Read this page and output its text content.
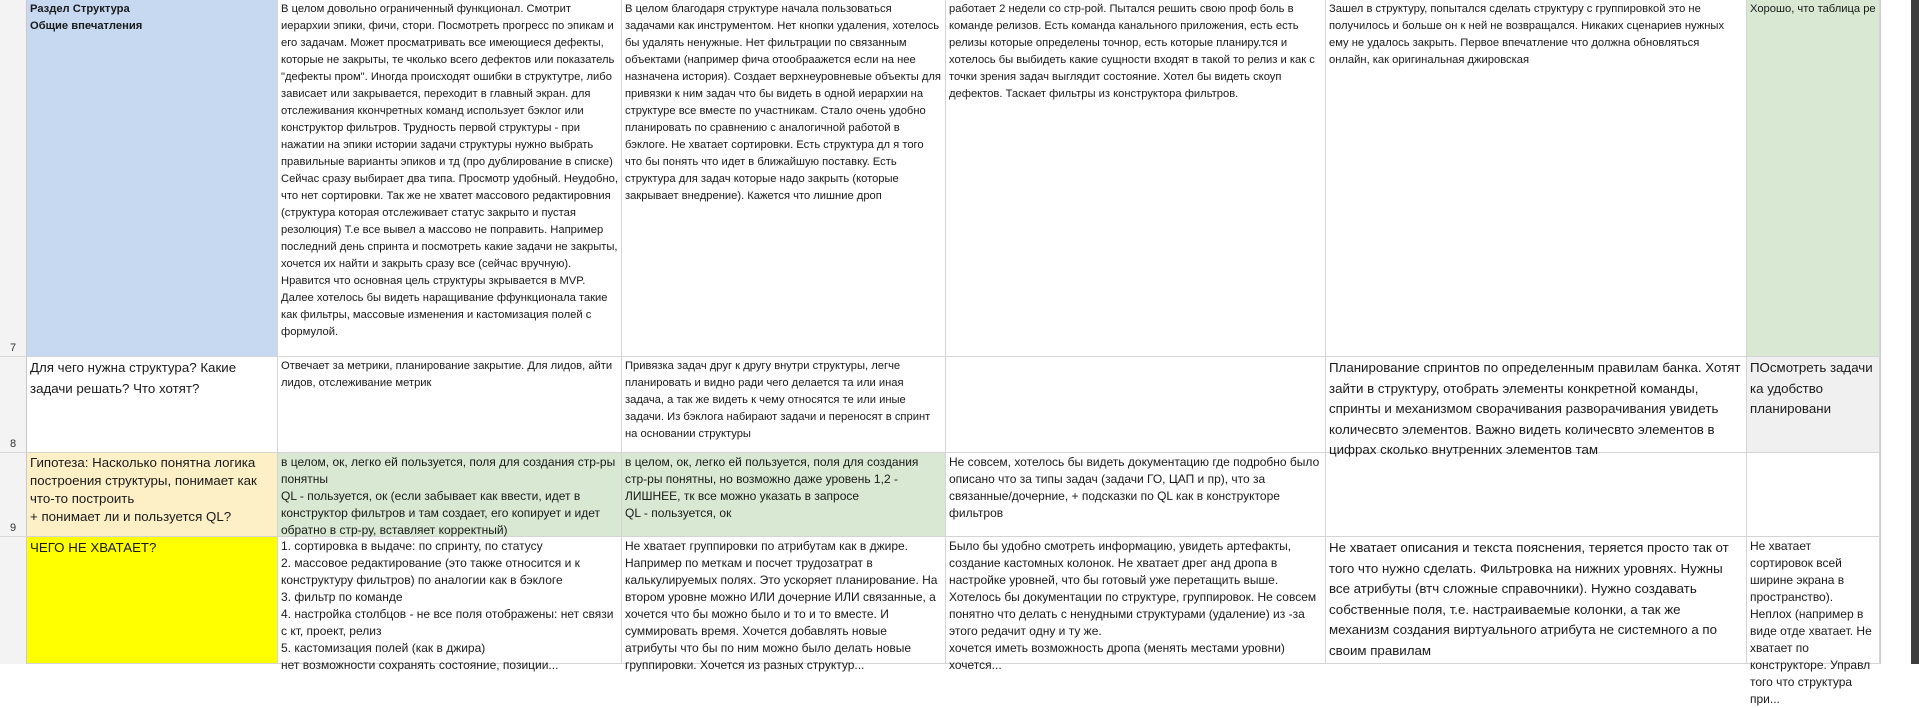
7

Раздел Структура
Общие впечатления

В целом довольно ограниченный функционал. Смотрит иерархии эпики, фичи, стори. Посмотреть прогресс по эпикам и его задачам. Может просматривать все имеющиеся дефекты, которые не закрыты, те чколько всего дефектов или показатель "дефекты пром". Иногда происходят ошибки в структутре, либо зависает или закрывается, переходит в главный экран. для отслеживания ккончретных команд использует бэклог или конструктор фильтров. Трудность первой структуры - при нажатии на эпики истории задачи структуры нужно выбрать правильные варианты эпиков и тд (про дублирование в списке) Сейчас сразу выбирает два типа. Просмотр удобный. Неудобно, что нет сортировки. Так же не хватет массового редактировния (структура которая отслеживает статус закрыто и пустая резолюция) Т.е все вывел а массово не поправить. Например последний день спринта и посмотреть какие задачи не закрыты, хочется их найти и закрыть сразу все (сейчас вручную). Нравится что основная цель структуры зкрывается в MVP. Далее хотелось бы видеть наращивание ффункционала такие как фильтры, массовые изменения и кастомизация полей с формулой.

В целом благодаря структуре начала пользоваться задачами как инструментом. Нет кнопки удаления, хотелось бы удалять ненужные. Нет фильтрации по связанным объектами (например фича отообраажется если на нее назначена история). Создает верхнеуровневые объекты для привязки к ним задач что бы видеть в одной иерархии на структуре все вместе по участникам. Стало очень удобно планировать по сравнению с аналогичной работой в бэклоге. Не хватает сортировки. Есть структура дл я того что бы понять что идет в ближайшую поставку. Есть структура для задач которые надо закрыть (которые закрывает внедрение). Кажется что лишние дроп

работает 2 недели со стр-рой. Пытался решить свою проф боль в команде релизов. Есть команда канального приложения, есть есть релизы которые определены точнор, есть которые планиру.тся и хотелось бы выбидеть какие сущности входят в такой то релиз и как с точки зрения задач выглядит состояние. Хотел бы видеть скоуп дефектов. Таскает фильтры из конструктора фильтров.

Зашел в структуру, попытался сделать структуру с группировкой это не получилось и больше он к ней не возвращался. Никаких сценариев нужных ему не удалось закрыть. Первое впечатление что должна обновляться онлайн, как оригинальная джировская

Хорошо, что таблица ре

8

Для чего нужна структура? Какие задачи решать? Что хотят?

Отвечает за метрики, планирование закрытие. Для лидов, айти лидов, отслеживание метрик

Привязка задач друг к другу внутри структуры, легче планировать и видно ради чего делается та или иная задача, а так же видеть к чему относятся те или иные задачи. Из бэклога набирают задачи и переносят в спринт на основании структуры

Планирование спринтов по определенным правилам банка. Хотят зайти в структуру, отобрать элементы конкретной команды, спринты и механизмом сворачивания разворачивания увидеть количесвто элементов. Важно видеть количесвто элементов в цифрах сколько внутренних элементов там

ПОсмотреть задачи ка удобство планировани

9

Гипотеза: Насколько понятна логика построения структуры, понимает как что-то построить
+ понимает ли и пользуется QL?

в целом, ок, легко ей пользуется, поля для создания стр-ры понятны
QL - пользуется, ок (если забывает как ввести, идет в конструктор фильтров и там создает, его копирует и идет обратно в стр-ру, вставляет корректный)

в целом, ок, легко ей пользуется, поля для создания стр-ры понятны, но возможно даже уровень 1,2 - ЛИШНЕЕ, тк все можно указать в запросе
QL - пользуется, ок

Не совсем, хотелось бы видеть документацию где подробно было описано что за типы задач (задачи ГО, ЦАП и пр), что за связанные/дочерние, + подсказки по QL как в конструкторе фильтров

ЧЕГО НЕ ХВАТАЕТ?	1. сортировка в выдаче: по спринту, по статусу
2. массовое редактирование (это также относится и к конструктуру фильтров) по аналогии как в бэклоге
3. фильтр по команде
4. настройка столбцов - не все поля отображены: нет связи с кт, проект, релиз
5. кастомизация полей (как в джира)
нет возможности сохранять состояние, позиции...

Не хватает группировки по атрибутам как в джире. Например по меткам и посчет трудозатрат в калькулируемых полях. Это ускоряет планирование. На втором уровне можно ИЛИ дочерние ИЛИ связанные, а хочется что бы можно было и то и то вместе. И суммировать время. Хочется добавлять новые атрибуты что бы по ним можно было делать новые группировки. Хочется из разных структур...

Было бы удобно смотреть информацию, увидеть артефакты, создание кастомных колонок. Не хватает дрег анд дропа в настройке уровней, что бы готовый уже перетащить выше. Хотелось бы документации по структуре, группировок. Не совсем понятно что делать с ненудными структурами (удаление) из -за этого редачит одну и ту же.
хочется иметь возможность дропа (менять местами уровни)
хочется...

Не хватает описания и текста пояснения, теряется просто так от того что нужно сделать. Фильтровка на нижних уровнях. Нужны все атрибуты (втч сложные справочники). Нужно создавать собственные поля, т.е. настраиваемые колонки, а так же механизм создания виртуального атрибута не системного а по своим правилам

Не хватает сортировок всей ширине экрана в пространство). Неплох (например в виде отде хватает. Не хватает по конструкторе. Управл того что структура при...
